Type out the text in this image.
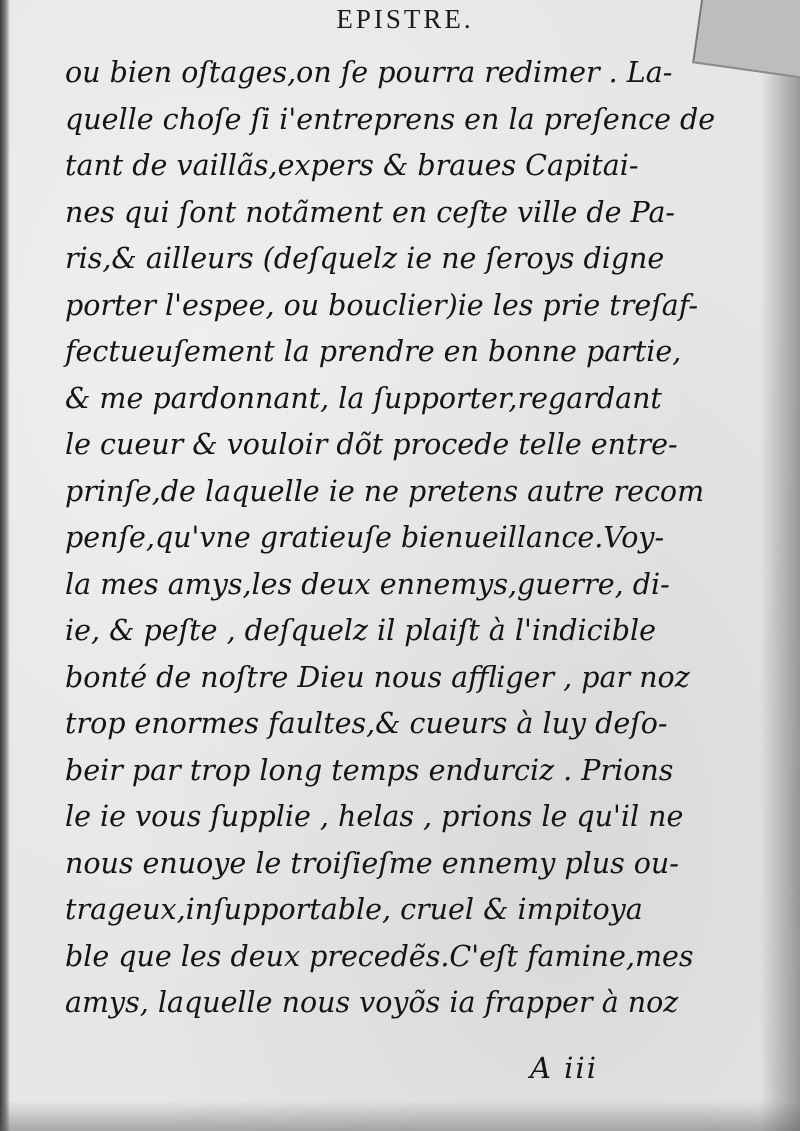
EPISTRE.
ou bien oſtages,on ſe pourra redimer . La-
quelle choſe ſi i'entreprens en la preſence de
tant de vaillãs,expers & braues Capitai-
nes qui ſont notãment en ceſte ville de Pa-
ris,& ailleurs (deſquelz ie ne ſeroys digne
porter l'espee, ou bouclier)ie les prie treſaf-
fectueuſement la prendre en bonne partie,
& me pardonnant, la ſupporter,regardant
le cueur & vouloir dõt procede telle entre-
prinſe,de laquelle ie ne pretens autre recom
penſe,qu'vne gratieuſe bienueillance.Voy-
la mes amys,les deux ennemys,guerre, di-
ie, & peſte , deſquelz il plaiſt à l'indicible
bonté de noſtre Dieu nous affliger , par noz
trop enormes faultes,& cueurs à luy deſo-
beir par trop long temps endurciz . Prions
le ie vous ſupplie , helas , prions le qu'il ne
nous enuoye le troiſieſme ennemy plus ou-
trageux,inſupportable, cruel & impitoya
ble que les deux precedẽs.C'eſt famine,mes
amys, laquelle nous voyõs ia frapper à noz
A iii
